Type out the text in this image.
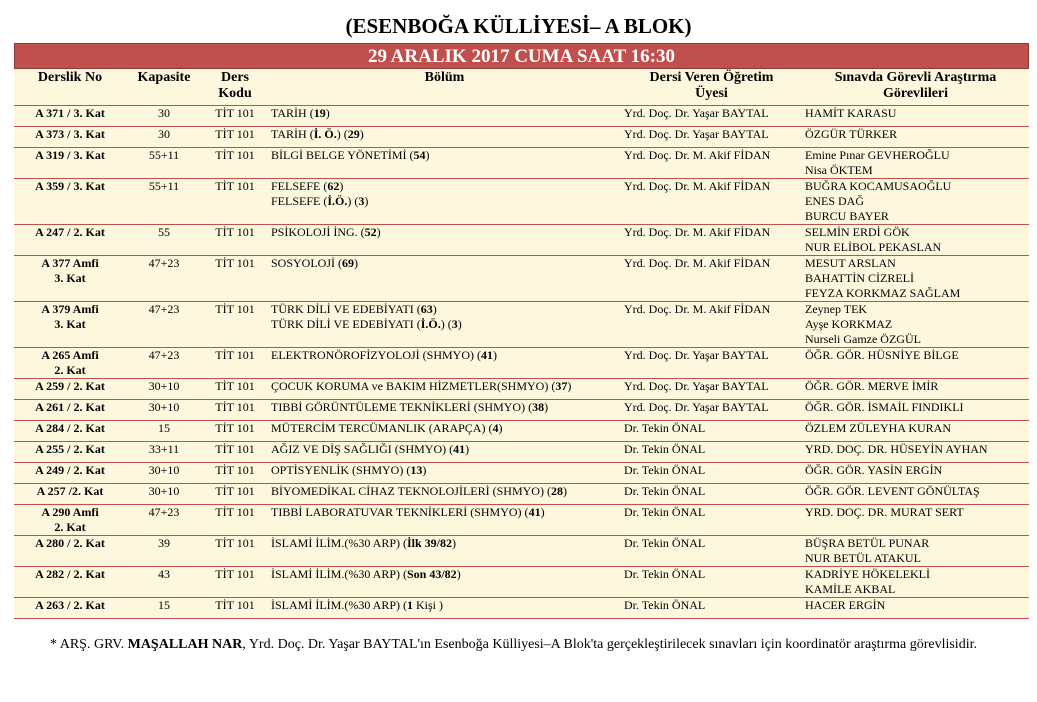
(ESENBOĞA KÜLLİYESİ– A BLOK)
29 ARALIK 2017 CUMA SAAT 16:30
Derslik No	Kapasite	Ders
Kodu	Bölüm	Dersi Veren Öğretim
Üyesi	Sınavda Görevli Araştırma
Görevlileri

A 371 / 3. Kat	30	TİT 101	TARİH (19)	Yrd. Doç. Dr. Yaşar BAYTAL	HAMİT KARASU

A 373 / 3. Kat	30	TİT 101	TARİH (İ. Ö.) (29)	Yrd. Doç. Dr. Yaşar BAYTAL	ÖZGÜR TÜRKER

A 319 / 3. Kat	55+11	TİT 101	BİLGİ BELGE YÖNETİMİ (54)	Yrd. Doç. Dr. M. Akif FİDAN	Emine Pınar GEVHEROĞLU
Nisa ÖKTEM

A 359 / 3. Kat	55+11	TİT 101	FELSEFE (62)
FELSEFE (İ.Ö.) (3)	Yrd. Doç. Dr. M. Akif FİDAN	BUĞRA KOCAMUSAOĞLU
ENES DAĞ
BURCU BAYER

A 247 / 2. Kat	55	TİT 101	PSİKOLOJİ İNG. (52)	Yrd. Doç. Dr. M. Akif FİDAN	SELMİN ERDİ GÖK
NUR ELİBOL PEKASLAN

A 377 Amfi
3. Kat	47+23	TİT 101	SOSYOLOJİ (69)	Yrd. Doç. Dr. M. Akif FİDAN	MESUT ARSLAN
BAHATTİN CİZRELİ
FEYZA KORKMAZ SAĞLAM

A 379 Amfi
3. Kat	47+23	TİT 101	TÜRK DİLİ VE EDEBİYATI (63)
TÜRK DİLİ VE EDEBİYATI (İ.Ö.) (3)	Yrd. Doç. Dr. M. Akif FİDAN	Zeynep TEK
Ayşe KORKMAZ
Nurseli Gamze ÖZGÜL

A 265 Amfi
2. Kat	47+23	TİT 101	ELEKTRONÖROFİZYOLOJİ (SHMYO) (41)	Yrd. Doç. Dr. Yaşar BAYTAL	ÖĞR. GÖR. HÜSNİYE BİLGE

A 259 / 2. Kat	30+10	TİT 101	ÇOCUK KORUMA ve BAKIM HİZMETLER(SHMYO) (37)	Yrd. Doç. Dr. Yaşar BAYTAL	ÖĞR. GÖR. MERVE İMİR

A 261 / 2. Kat	30+10	TİT 101	TIBBİ GÖRÜNTÜLEME TEKNİKLERİ (SHMYO) (38)	Yrd. Doç. Dr. Yaşar BAYTAL	ÖĞR. GÖR. İSMAİL FINDIKLI

A 284 / 2. Kat	15	TİT 101	MÜTERCİM TERCÜMANLIK (ARAPÇA) (4)	Dr. Tekin ÖNAL	ÖZLEM ZÜLEYHA KURAN

A 255 / 2. Kat	33+11	TİT 101	AĞIZ VE DİŞ SAĞLIĞI (SHMYO) (41)	Dr. Tekin ÖNAL	YRD. DOÇ. DR. HÜSEYİN AYHAN

A 249 / 2. Kat	30+10	TİT 101	OPTİSYENLİK (SHMYO) (13)	Dr. Tekin ÖNAL	ÖĞR. GÖR. YASİN ERGİN

A 257 /2. Kat	30+10	TİT 101	BİYOMEDİKAL CİHAZ TEKNOLOJİLERİ (SHMYO) (28)	Dr. Tekin ÖNAL	ÖĞR. GÖR. LEVENT GÖNÜLTAŞ

A 290 Amfi
2. Kat	47+23	TİT 101	TIBBİ LABORATUVAR TEKNİKLERİ (SHMYO) (41)	Dr. Tekin ÖNAL	YRD. DOÇ. DR. MURAT SERT

A 280 / 2. Kat	39	TİT 101	İSLAMİ İLİM.(%30 ARP) (İlk 39/82)	Dr. Tekin ÖNAL	BÜŞRA BETÜL PUNAR
NUR BETÜL ATAKUL

A 282 / 2. Kat	43	TİT 101	İSLAMİ İLİM.(%30 ARP) (Son 43/82)	Dr. Tekin ÖNAL	KADRİYE HÖKELEKLİ
KAMİLE AKBAL

A 263 / 2. Kat	15	TİT 101	İSLAMİ İLİM.(%30 ARP) (1 Kişi )	Dr. Tekin ÖNAL	HACER ERGİN
* ARŞ. GRV. MAŞALLAH NAR, Yrd. Doç. Dr. Yaşar BAYTAL'ın Esenboğa Külliyesi–A Blok'ta gerçekleştirilecek sınavları için koordinatör araştırma görevlisidir.
